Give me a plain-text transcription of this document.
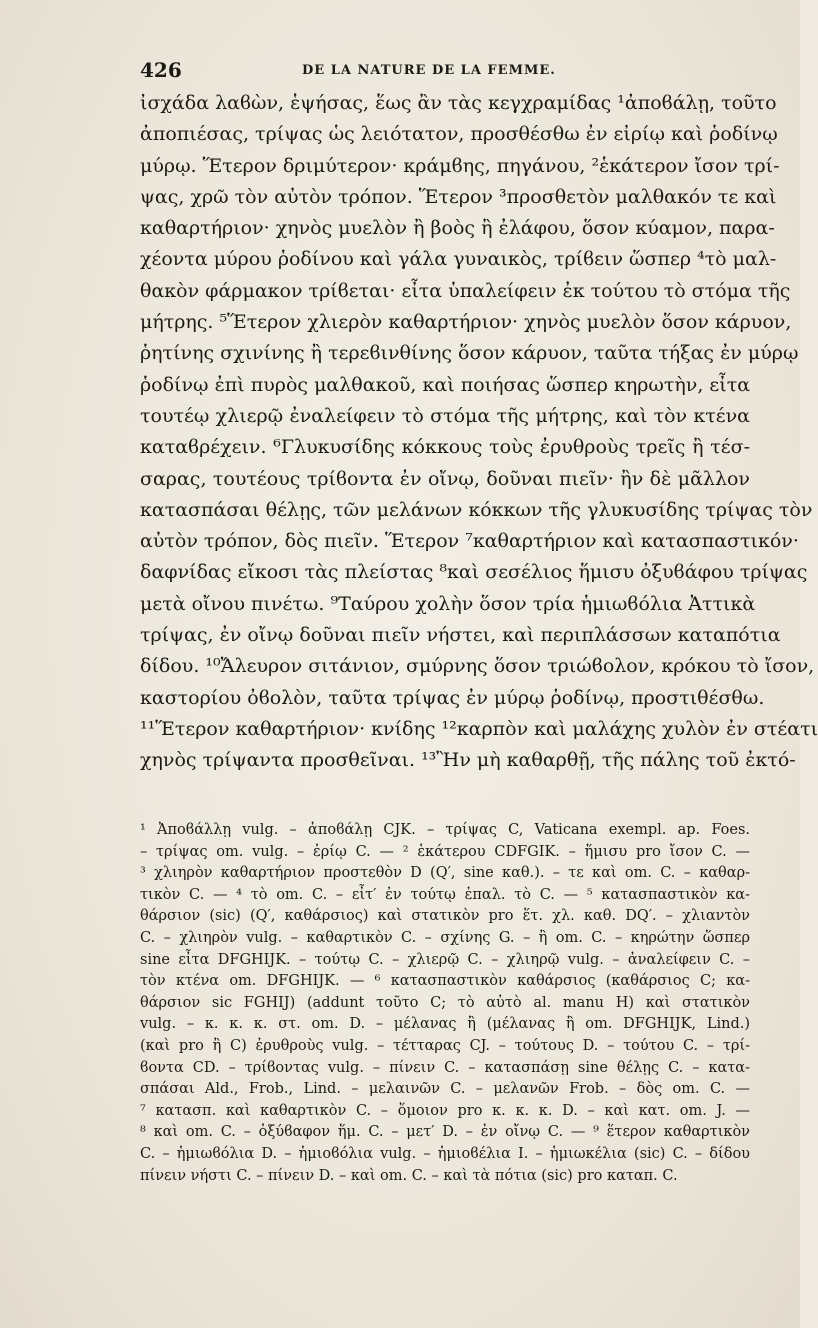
426	DE LA NATURE DE LA FEMME.
ἰσχάδα λαϐὼν, ἑψήσας, ἕως ἂν τὰς κεγχραμίδας ¹ἀποϐάλῃ, τοῦτο
ἀποπιέσας, τρίψας ὡς λειότατον, προσθέσθω ἐν εἰρίῳ καὶ ῥοδίνῳ
μύρῳ. Ἕτερον δριμύτερον· κράμϐης, πηγάνου, ²ἑκάτερον ἴσον τρί-
ψας, χρῶ τὸν αὐτὸν τρόπον. Ἕτερον ³προσθετὸν μαλθακόν τε καὶ
καθαρτήριον· χηνὸς μυελὸν ἢ βοὸς ἢ ἐλάφου, ὅσον κύαμον, παρα-
χέοντα μύρου ῥοδίνου καὶ γάλα γυναικὸς, τρίϐειν ὥσπερ ⁴τὸ μαλ-
θακὸν φάρμακον τρίϐεται· εἶτα ὑπαλείφειν ἐκ τούτου τὸ στόμα τῆς
μήτρης. ⁵Ἕτερον χλιερὸν καθαρτήριον· χηνὸς μυελὸν ὅσον κάρυον,
ῥητίνης σχινίνης ἢ τερεϐινθίνης ὅσον κάρυον, ταῦτα τήξας ἐν μύρῳ
ῥοδίνῳ ἐπὶ πυρὸς μαλθακοῦ, καὶ ποιήσας ὥσπερ κηρωτὴν, εἶτα
τουτέῳ χλιερῷ ἐναλείφειν τὸ στόμα τῆς μήτρης, καὶ τὸν κτένα
καταϐρέχειν. ⁶Γλυκυσίδης κόκκους τοὺς ἐρυθροὺς τρεῖς ἢ τέσ-
σαρας, τουτέους τρίϐοντα ἐν οἴνῳ, δοῦναι πιεῖν· ἢν δὲ μᾶλλον
κατασπάσαι θέλῃς, τῶν μελάνων κόκκων τῆς γλυκυσίδης τρίψας τὸν
αὐτὸν τρόπον, δὸς πιεῖν. Ἕτερον ⁷καθαρτήριον καὶ κατασπαστικόν·
δαφνίδας εἴκοσι τὰς πλείστας ⁸καὶ σεσέλιος ἥμισυ ὀξυϐάφου τρίψας
μετὰ οἴνου πινέτω. ⁹Ταύρου χολὴν ὅσον τρία ἡμιωϐόλια Ἀττικὰ
τρίψας, ἐν οἴνῳ δοῦναι πιεῖν νήστει, καὶ περιπλάσσων καταπότια
δίδου. ¹⁰Ἄλευρον σιτάνιον, σμύρνης ὅσον τριώϐολον, κρόκου τὸ ἴσον,
καστορίου ὀϐολὸν, ταῦτα τρίψας ἐν μύρῳ ῥοδίνῳ, προστιθέσθω.
¹¹Ἕτερον καθαρτήριον· κνίδης ¹²καρπὸν καὶ μαλάχης χυλὸν ἐν στέατι
χηνὸς τρίψαντα προσθεῖναι. ¹³Ἢν μὴ καθαρθῇ, τῆς πάλης τοῦ ἐκτό-
¹ Ἀποϐάλλῃ vulg. – ἀποϐάλῃ CJK. – τρίψας C, Vaticana exempl. ap. Foes.
– τρίψας om. vulg. – ἐρίῳ C. — ² ἑκάτερου CDFGIK. – ἥμισυ pro ἴσον C. —
³ χλιηρὸν καθαρτήριον προστεθὸν D (Q′, sine καθ.). – τε καὶ om. C. – καθαρ-
τικὸν C. — ⁴ τὸ om. C. – εἶτ′ ἐν τούτῳ ἐπαλ. τὸ C. — ⁵ κατασπαστικὸν κα-
θάρσιον (sic) (Q′, καθάρσιος) καὶ στατικὸν pro ἕτ. χλ. καθ. DQ′. – χλιαντὸν
C. – χλιηρὸν vulg. – καθαρτικὸν C. – σχίνης G. – ἢ om. C. – κηρώτην ὥσπερ
sine εἶτα DFGHIJK. – τούτῳ C. – χλιερῷ C. – χλιηρῷ vulg. – ἀναλείφειν C. –
τὸν κτένα om. DFGHIJK. — ⁶ κατασπαστικὸν καθάρσιος (καθάρσιος C; κα-
θάρσιον sic FGHIJ) (addunt τοῦτο C; τὸ αὐτὸ al. manu H) καὶ στατικὸν
vulg. – κ. κ. κ. στ. om. D. – μέλανας ἢ (μέλανας ἢ om. DFGHIJK, Lind.)
(καὶ pro ἢ C) ἐρυθροὺς vulg. – τέτταρας CJ. – τούτους D. – τούτου C. – τρί-
ϐοντα CD. – τρίϐοντας vulg. – πίνειν C. – κατασπάσῃ sine θέλῃς C. – κατα-
σπάσαι Ald., Frob., Lind. – μελαινῶν C. – μελανῶν Frob. – δὸς om. C. —
⁷ κατασπ. καὶ καθαρτικὸν C. – ὅμοιον pro κ. κ. κ. D. – καὶ κατ. om. J. —
⁸ καὶ om. C. – ὀξύϐαφον ἥμ. C. – μετ′ D. – ἐν οἴνῳ C. — ⁹ ἕτερον καθαρτικὸν
C. – ἡμιωϐόλια D. – ἡμιοϐόλια vulg. – ἡμιοϐέλια I. – ἡμιωκέλια (sic) C. – δίδου
πίνειν νήστι C. – πίνειν D. – καὶ om. C. – καὶ τὰ πότια (sic) pro καταπ. C.
